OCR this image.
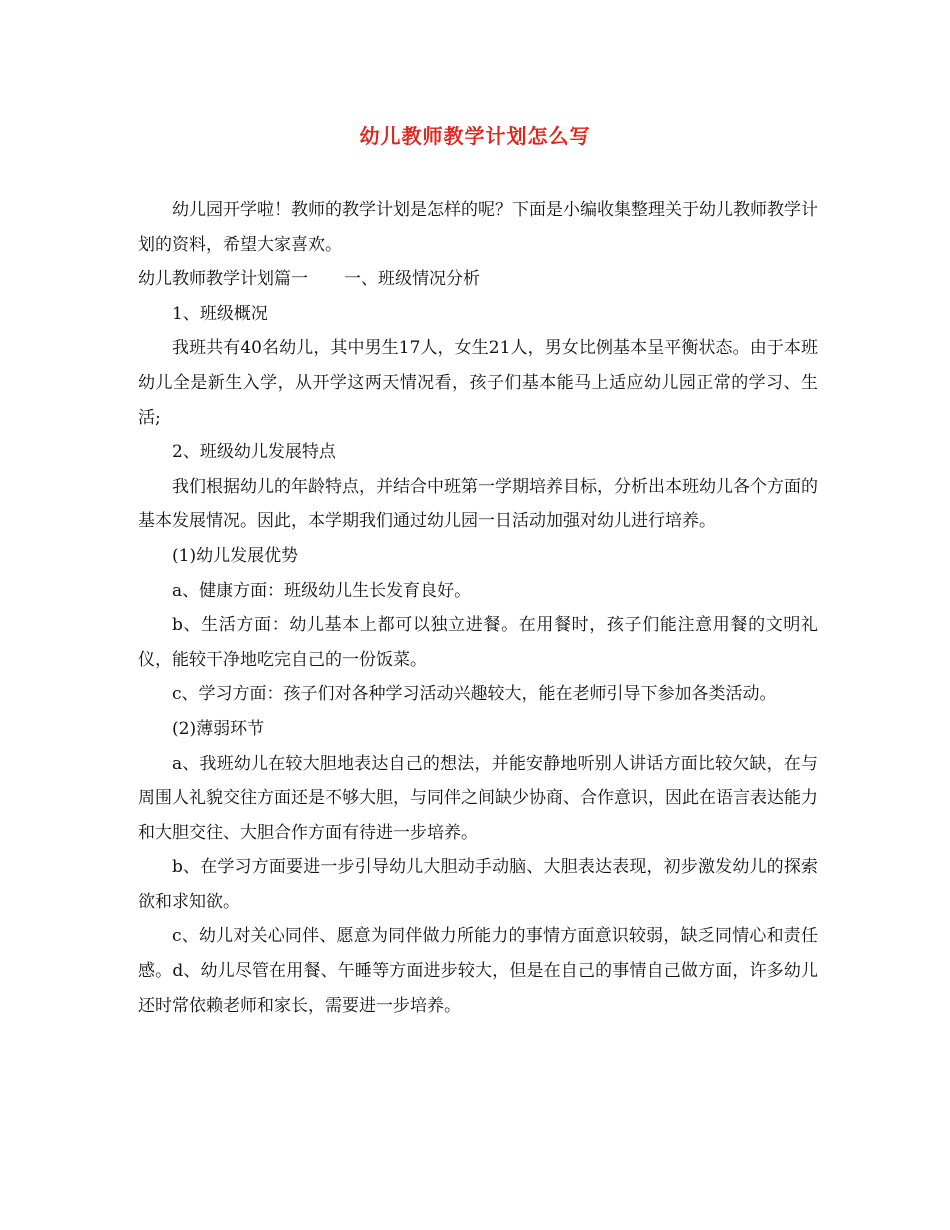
幼儿教师教学计划怎么写

幼儿园开学啦！教师的教学计划是怎样的呢？下面是小编收集整理关于幼儿教师教学计划的资料，希望大家喜欢。

幼儿教师教学计划篇一 一、班级情况分析

1、班级概况

我班共有40名幼儿，其中男生17人，女生21人，男女比例基本呈平衡状态。由于本班幼儿全是新生入学，从开学这两天情况看，孩子们基本能马上适应幼儿园正常的学习、生活;

2、班级幼儿发展特点

我们根据幼儿的年龄特点，并结合中班第一学期培养目标，分析出本班幼儿各个方面的基本发展情况。因此，本学期我们通过幼儿园一日活动加强对幼儿进行培养。

(1)幼儿发展优势

a、健康方面：班级幼儿生长发育良好。

b、生活方面：幼儿基本上都可以独立进餐。在用餐时，孩子们能注意用餐的文明礼仪，能较干净地吃完自己的一份饭菜。

c、学习方面：孩子们对各种学习活动兴趣较大，能在老师引导下参加各类活动。

(2)薄弱环节

a、我班幼儿在较大胆地表达自己的想法，并能安静地听别人讲话方面比较欠缺，在与周围人礼貌交往方面还是不够大胆，与同伴之间缺少协商、合作意识，因此在语言表达能力和大胆交往、大胆合作方面有待进一步培养。

b、在学习方面要进一步引导幼儿大胆动手动脑、大胆表达表现，初步激发幼儿的探索欲和求知欲。

c、幼儿对关心同伴、愿意为同伴做力所能力的事情方面意识较弱，缺乏同情心和责任感。d、幼儿尽管在用餐、午睡等方面进步较大，但是在自己的事情自己做方面，许多幼儿还时常依赖老师和家长，需要进一步培养。
